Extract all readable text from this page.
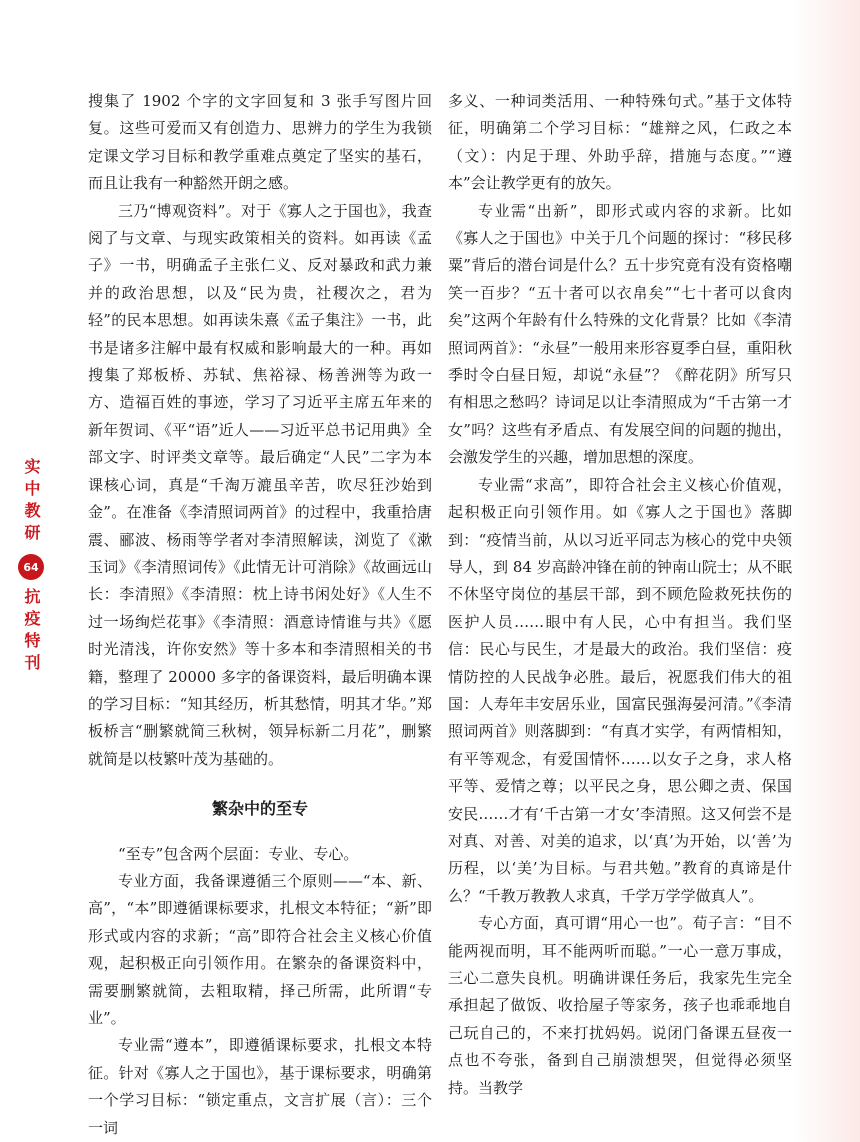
实中教研
64
抗疫特刊

搜集了 1902 个字的文字回复和 3 张手写图片回复。这些可爱而又有创造力、思辨力的学生为我锁定课文学习目标和教学重难点奠定了坚实的基石，而且让我有一种豁然开朗之感。

三乃“博观资料”。对于《寡人之于国也》，我查阅了与文章、与现实政策相关的资料。如再读《孟子》一书，明确孟子主张仁义、反对暴政和武力兼并的政治思想，以及“民为贵，社稷次之，君为轻”的民本思想。如再读朱熹《孟子集注》一书，此书是诸多注解中最有权威和影响最大的一种。再如搜集了郑板桥、苏轼、焦裕禄、杨善洲等为政一方、造福百姓的事迹，学习了习近平主席五年来的新年贺词、《平“语”近人——习近平总书记用典》全部文字、时评类文章等。最后确定“人民”二字为本课核心词，真是“千淘万漉虽辛苦，吹尽狂沙始到金”。在准备《李清照词两首》的过程中，我重拾唐震、郦波、杨雨等学者对李清照解读，浏览了《漱玉词》《李清照词传》《此情无计可消除》《故画远山长：李清照》《李清照：枕上诗书闲处好》《人生不过一场绚烂花事》《李清照：酒意诗情谁与共》《愿时光清浅，许你安然》等十多本和李清照相关的书籍，整理了 20000 多字的备课资料，最后明确本课的学习目标：“知其经历，析其愁情，明其才华。”郑板桥言“删繁就简三秋树，领异标新二月花”，删繁就简是以枝繁叶茂为基础的。

繁杂中的至专

“至专”包含两个层面：专业、专心。

专业方面，我备课遵循三个原则——“本、新、高”，“本”即遵循课标要求，扎根文本特征；“新”即形式或内容的求新；“高”即符合社会主义核心价值观，起积极正向引领作用。在繁杂的备课资料中，需要删繁就简，去粗取精，择己所需，此所谓“专业”。

专业需“遵本”，即遵循课标要求，扎根文本特征。针对《寡人之于国也》，基于课标要求，明确第一个学习目标：“锁定重点，文言扩展（言）：三个一词

多义、一种词类活用、一种特殊句式。”基于文体特征，明确第二个学习目标：“雄辩之风，仁政之本（文）：内足于理、外助乎辞，措施与态度。”“遵本”会让教学更有的放矢。

专业需“出新”，即形式或内容的求新。比如《寡人之于国也》中关于几个问题的探讨：“移民移粟”背后的潜台词是什么？五十步究竟有没有资格嘲笑一百步？“五十者可以衣帛矣”“七十者可以食肉矣”这两个年龄有什么特殊的文化背景？比如《李清照词两首》：“永昼”一般用来形容夏季白昼，重阳秋季时令白昼日短，却说“永昼”？《醉花阴》所写只有相思之愁吗？诗词足以让李清照成为“千古第一才女”吗？这些有矛盾点、有发展空间的问题的抛出，会激发学生的兴趣，增加思想的深度。

专业需“求高”，即符合社会主义核心价值观，起积极正向引领作用。如《寡人之于国也》落脚到：“疫情当前，从以习近平同志为核心的党中央领导人，到 84 岁高龄冲锋在前的钟南山院士；从不眠不休坚守岗位的基层干部，到不顾危险救死扶伤的医护人员……眼中有人民，心中有担当。我们坚信：民心与民生，才是最大的政治。我们坚信：疫情防控的人民战争必胜。最后，祝愿我们伟大的祖国：人寿年丰安居乐业，国富民强海晏河清。”《李清照词两首》则落脚到：“有真才实学，有两情相知，有平等观念，有爱国情怀……以女子之身，求人格平等、爱情之尊；以平民之身，思公卿之责、保国安民……才有‘千古第一才女’李清照。这又何尝不是对真、对善、对美的追求，以‘真’为开始，以‘善’为历程，以‘美’为目标。与君共勉。”教育的真谛是什么？“千教万教教人求真，千学万学学做真人”。

专心方面，真可谓“用心一也”。荀子言：“目不能两视而明，耳不能两听而聪。”一心一意万事成，三心二意失良机。明确讲课任务后，我家先生完全承担起了做饭、收拾屋子等家务，孩子也乖乖地自己玩自己的，不来打扰妈妈。说闭门备课五昼夜一点也不夸张，备到自己崩溃想哭，但觉得必须坚持。当教学
